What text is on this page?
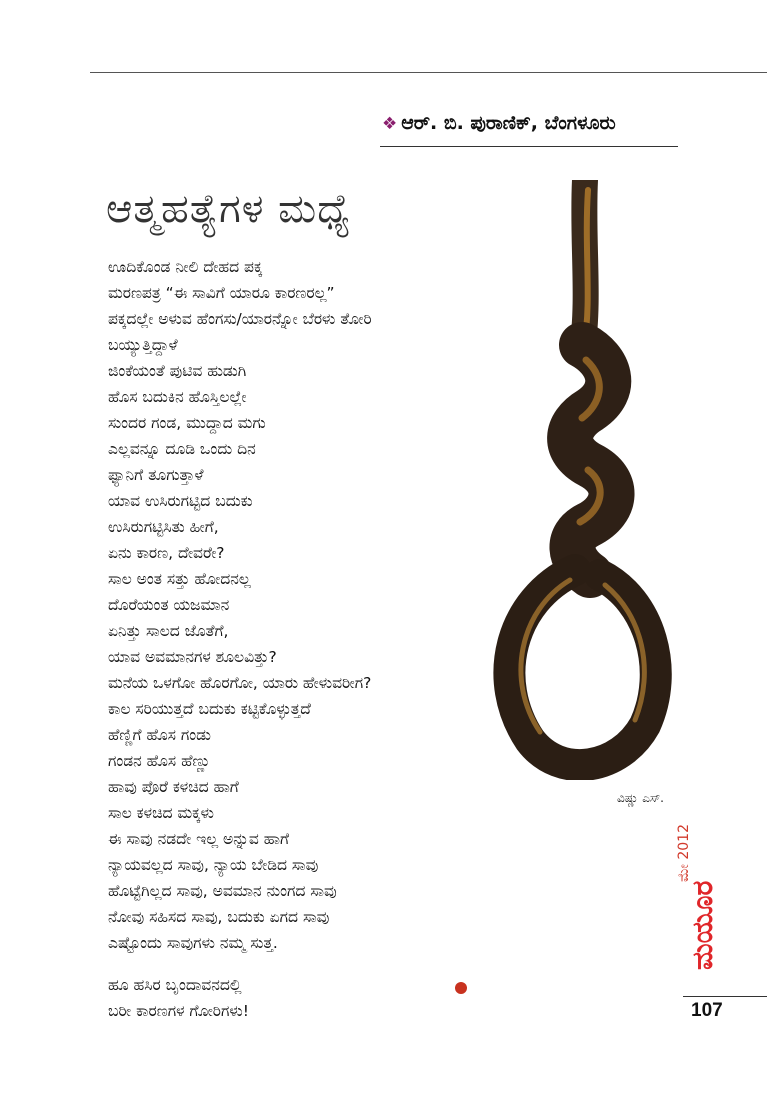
❖ ಆರ್. ಬಿ. ಪುರಾಣಿಕ್, ಬೆಂಗಳೂರು
ಆತ್ಮಹತ್ಯೆಗಳ ಮಧ್ಯೆ
ಊದಿಕೊಂಡ ನೀಲಿ ದೇಹದ ಪಕ್ಕ
ಮರಣಪತ್ರ “ಈ ಸಾವಿಗೆ ಯಾರೂ ಕಾರಣರಲ್ಲ”
ಪಕ್ಕದಲ್ಲೇ ಅಳುವ ಹೆಂಗಸು/ಯಾರನ್ನೋ ಬೆರಳು ತೋರಿ
ಬಯ್ಯುತ್ತಿದ್ದಾಳೆ
ಜಿಂಕೆಯಂತೆ ಪುಟಿವ ಹುಡುಗಿ
ಹೊಸ ಬದುಕಿನ ಹೊಸ್ತಿಲಲ್ಲೇ
ಸುಂದರ ಗಂಡ, ಮುದ್ದಾದ ಮಗು
ಎಲ್ಲವನ್ನೂ ದೂಡಿ ಒಂದು ದಿನ
ಫ್ಯಾನಿಗೆ ತೂಗುತ್ತಾಳೆ
ಯಾವ ಉಸಿರುಗಟ್ಟಿದ ಬದುಕು
ಉಸಿರುಗಟ್ಟಿಸಿತು ಹೀಗೆ,
ಏನು ಕಾರಣ, ದೇವರೇ?
ಸಾಲ ಅಂತ ಸತ್ತು ಹೋದನಲ್ಲ
ದೊರೆಯಂತ ಯಜಮಾನ
ಏನಿತ್ತು ಸಾಲದ ಜೊತೆಗೆ,
ಯಾವ ಅವಮಾನಗಳ ಶೂಲವಿತ್ತು?
ಮನೆಯ ಒಳಗೋ ಹೊರಗೋ, ಯಾರು ಹೇಳುವರೀಗ?
ಕಾಲ ಸರಿಯುತ್ತದೆ ಬದುಕು ಕಟ್ಟಿಕೊಳ್ಳುತ್ತದೆ
ಹೆಣ್ಣಿಗೆ ಹೊಸ ಗಂಡು
ಗಂಡನ ಹೊಸ ಹೆಣ್ಣು
ಹಾವು ಪೊರೆ ಕಳಚಿದ ಹಾಗೆ
ಸಾಲ ಕಳಚಿದ ಮಕ್ಕಳು
ಈ ಸಾವು ನಡದೇ ಇಲ್ಲ ಅನ್ನುವ ಹಾಗೆ
ನ್ಯಾಯವಲ್ಲದ ಸಾವು, ನ್ಯಾಯ ಬೇಡಿದ ಸಾವು
ಹೊಟ್ಟೆಗಿಲ್ಲದ ಸಾವು, ಅವಮಾನ ನುಂಗದ ಸಾವು
ನೋವು ಸಹಿಸದ ಸಾವು, ಬದುಕು ಏಗದ ಸಾವು
ಎಷ್ಟೊಂದು ಸಾವುಗಳು ನಮ್ಮ ಸುತ್ತ.
ಹೂ ಹಸಿರ ಬೃಂದಾವನದಲ್ಲಿ
ಬರೀ ಕಾರಣಗಳ ಗೋರಿಗಳು!
ವಿಷ್ಣು ಎಸ್.
ಮೇ 2012
ಮಯೂರ
107
